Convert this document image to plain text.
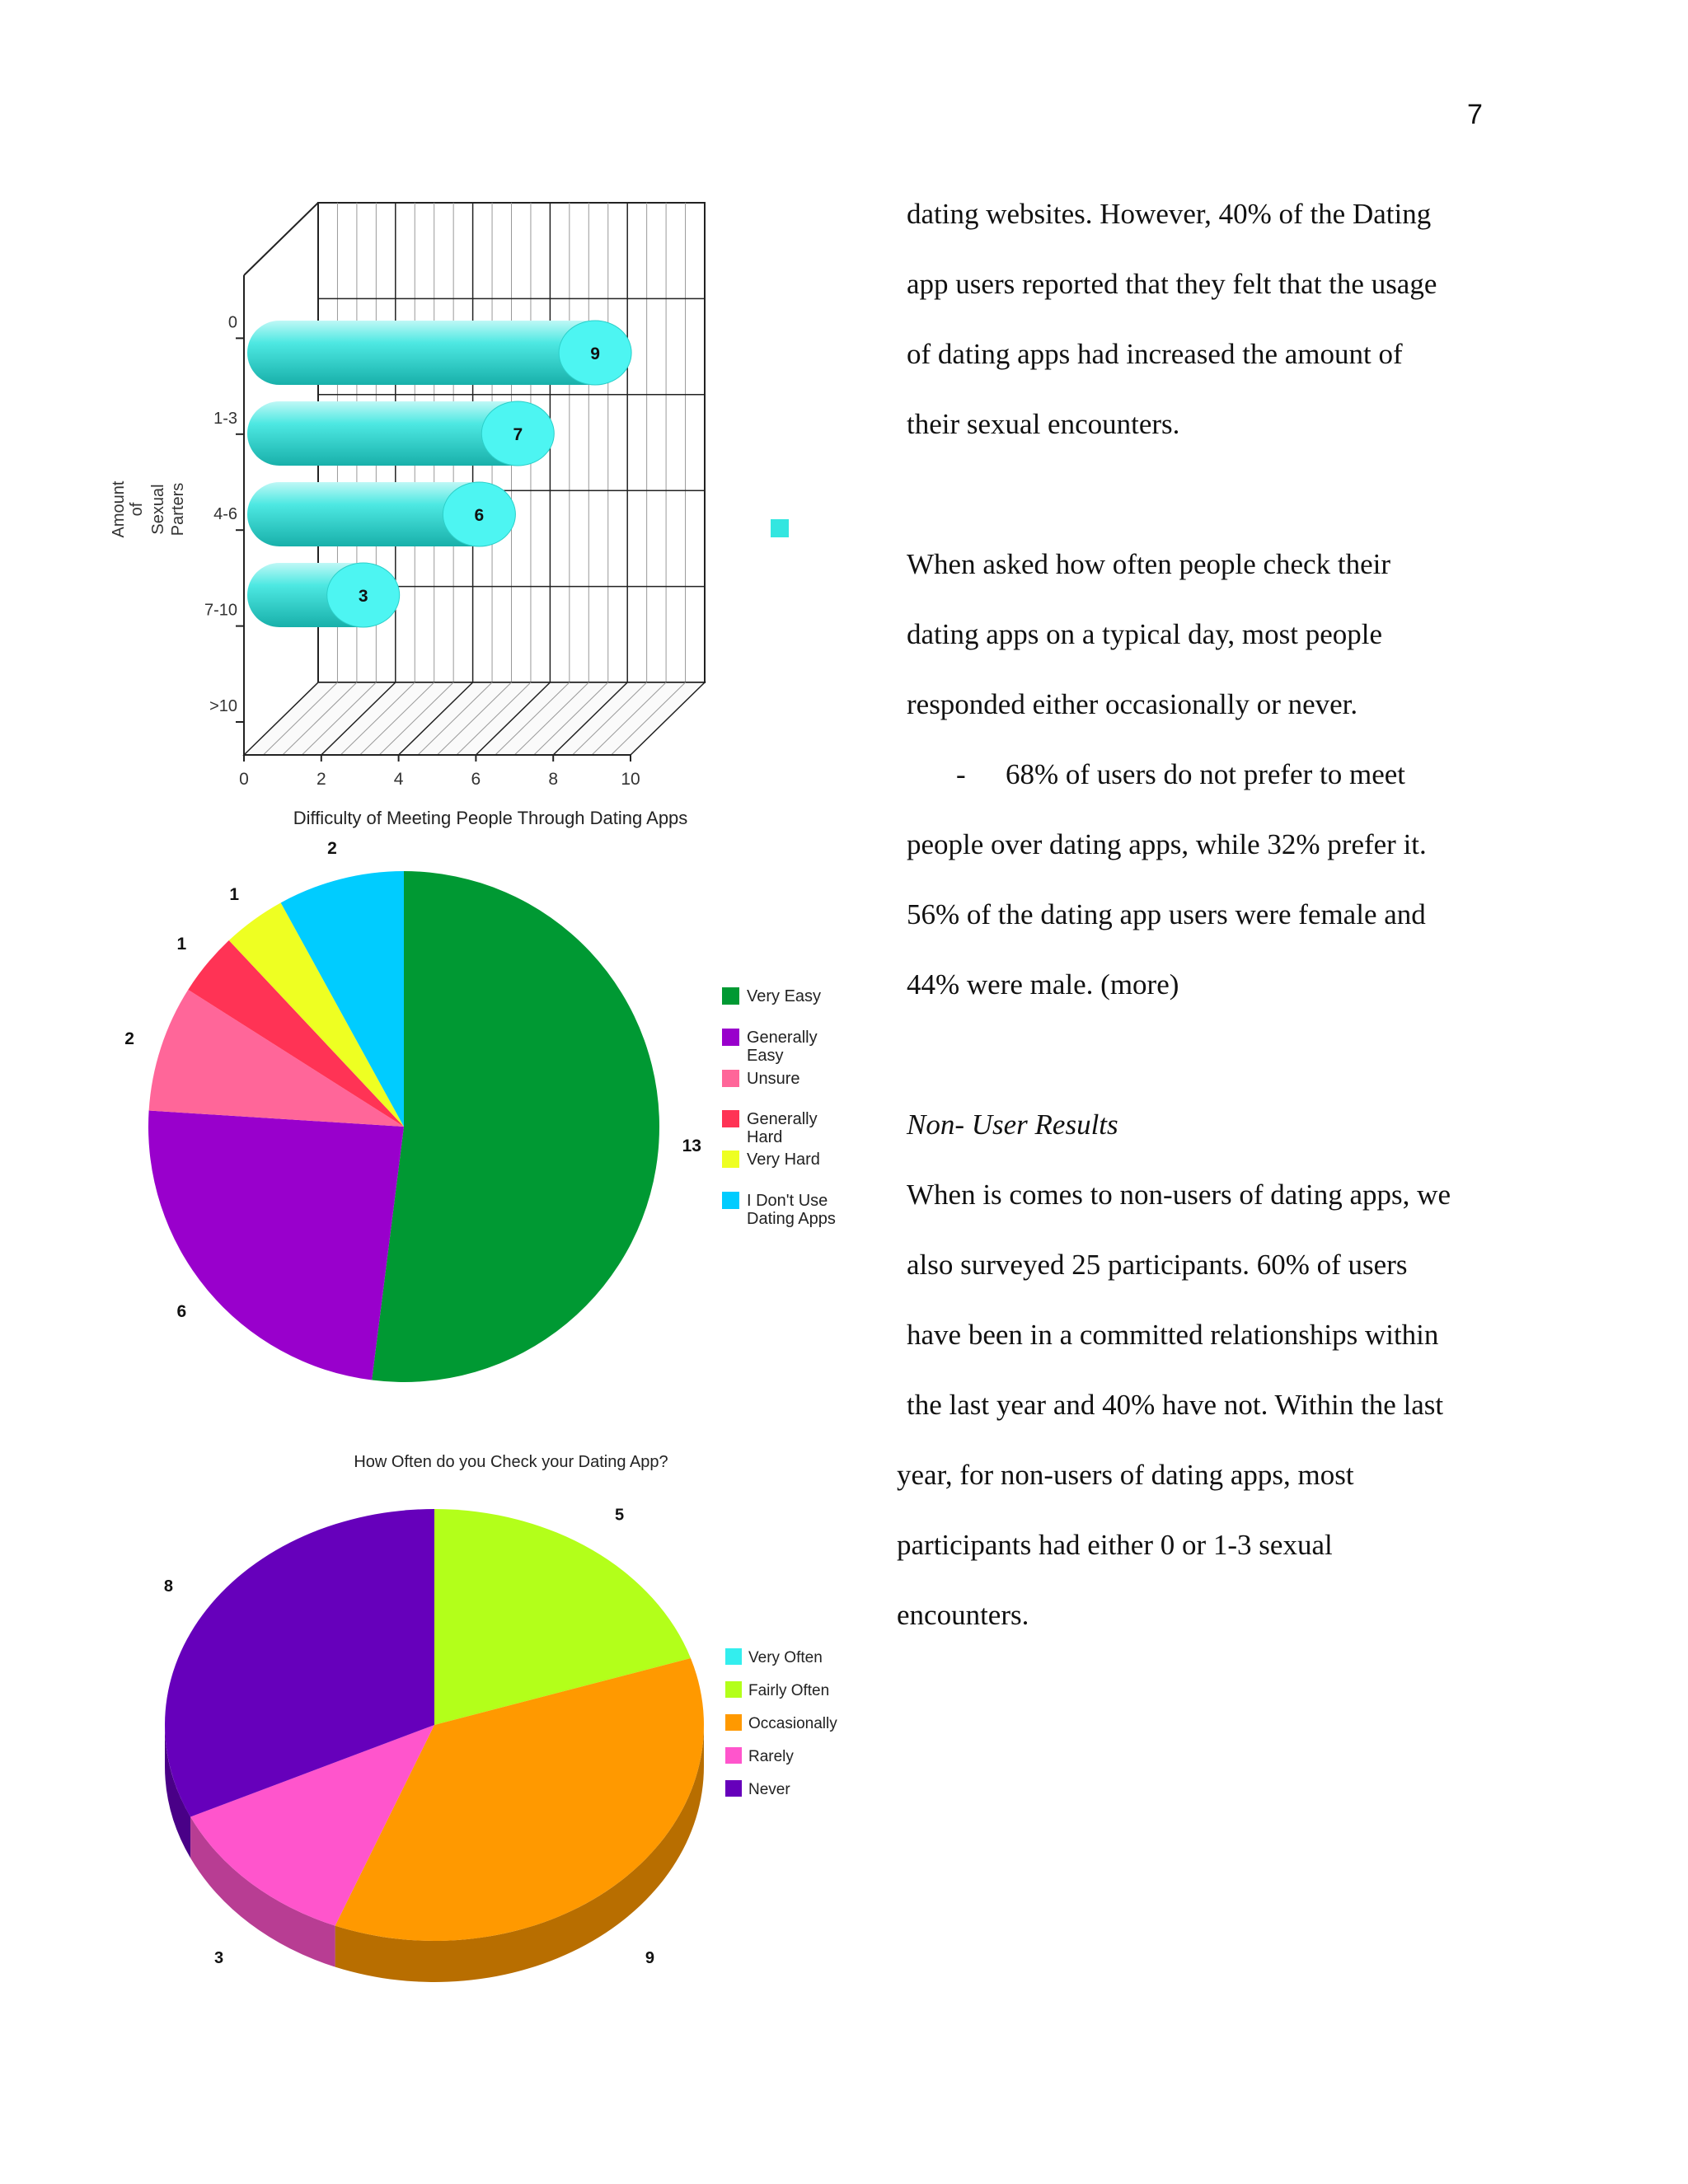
7
dating websites. However, 40% of the Dating
app users reported that they felt that the usage
of dating apps had increased the amount of
their sexual encounters.
When asked how often people check their
dating apps on a typical day, most people
responded either occasionally or never.
- 68% of users do not prefer to meet
people over dating apps, while 32% prefer it.
56% of the dating app users were female and
44% were male. (more)
Non- User Results
When is comes to non-users of dating apps, we
also surveyed 25 participants. 60% of users
have been in a committed relationships within
the last year and 40% have not. Within the last
year, for non-users of dating apps, most
participants had either 0 or 1-3 sexual
encounters.
Amount of Sexual Parters
9
7
6
3
0
1-3
4-6
7-10
>10
0	2	4	6	8	10
Difficulty of Meeting People Through Dating Apps
13
6
2
1
1
2
Very Easy
Generally
Easy
Unsure
Generally
Hard
Very Hard
I Don't Use
Dating Apps
How Often do you Check your Dating App?
5
9
3
8
Very Often
Fairly Often
Occasionally
Rarely
Never
